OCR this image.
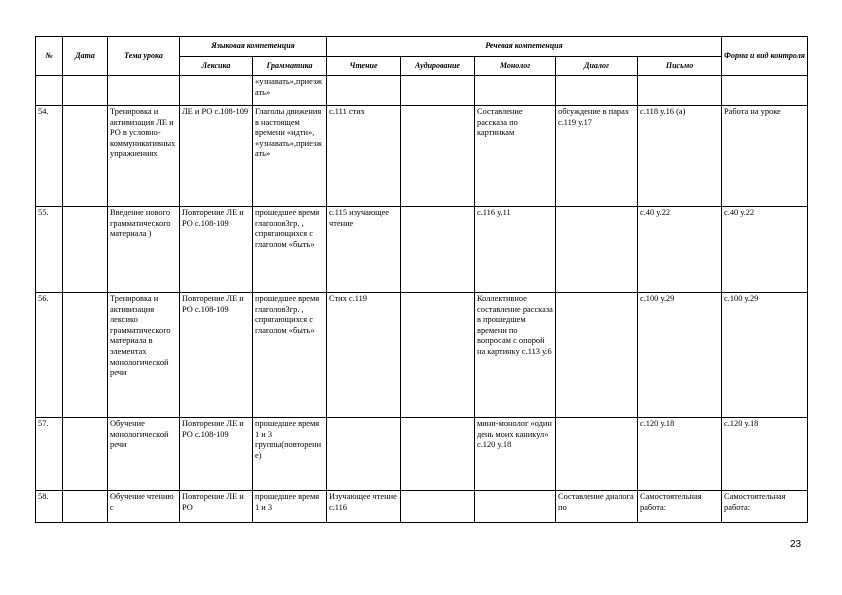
№	Дата	Тема урока	Языковая компетенция		Речевая компетенция					Форма и вид контроля
			Лексика	Грамматика	Чтение	Аудирование	Монолог	Диалог	Письмо	
				«узнавать»,приезжать»						
54.		Тренировка и активизация ЛЕ и РО в условно-коммуникативных упражнениях	ЛЕ и РО с.108-109	Глаголы движения в настоящем времени «идти», «узнавать»,приезжать»	с.111 стих		Составление рассказа по картинкам	обсуждение в парах с.119 у.17	с.118 у.16 (а)	Работа на уроке
55.		Введение нового грамматического материала )	Повторение ЛЕ и РО с.108-109	прошедшее время глаголов3гр. , спрягающихся с глаголом «быть»	с.115 изучающее чтение		с.116 у.11		с.40 у.22	с.40 у.22
56.		Тренировка и активизация лексико грамматического материала в элементах монологической речи	Повторение ЛЕ и РО с.108-109	прошедшее время глаголов3гр. , спрягающихся с глаголом «быть»	Стих с.119		Коллективное составление рассказа в прошедшем времени по вопросам с опорой на картинку с.113 у.6		с.100 у.29	с.100 у.29
57.		Обучение монологической речи	Повторение ЛЕ и РО с.108-109	прошедшее время 1 и 3 группы(повторение)			мини-монолог «один день моих каникул» с.120 у.18		с.120 у.18	с.120 у.18
58.		Обучение чтению с	Повторение ЛЕ и РО	прошедшее время 1 и 3	Изучающее чтение с.116			Составление диалога по	Самостоятельная работа:	Самостоятельная работа:
23
